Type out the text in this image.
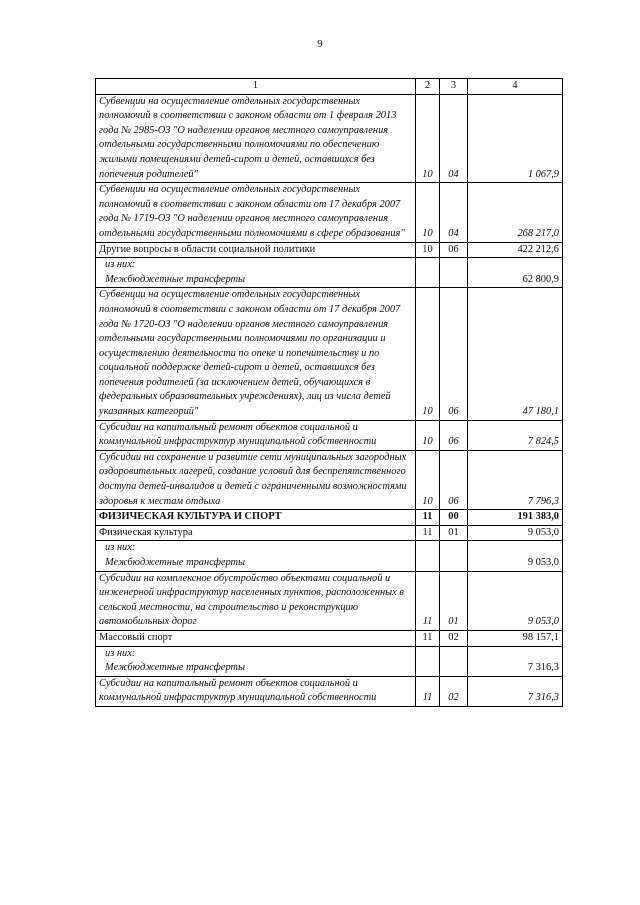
9
1	2	3	4

Субвенции на осуществление отдельных государственных полномочий в соответствии с законом области от 1 февраля 2013 года № 2985-ОЗ "О наделении органов местного самоуправления отдельными государственными полномочиями по обеспечению жилыми помещениями детей-сирот и детей, оставшихся без попечения родителей"	10	04	1 067,9

Субвенции на осуществление отдельных государственных полномочий в соответствии с законом области от 17 декабря 2007 года № 1719-ОЗ "О наделении органов местного самоуправления отдельными государственными полномочиями в сфере образования"	10	04	268 217,0

Другие вопросы в области социальной политики	10	06	422 212,6

из них:
Межбюджетные трансферты			62 800,9

Субвенции на осуществление отдельных государственных полномочий в соответствии с законом области от 17 декабря 2007 года № 1720-ОЗ "О наделении органов местного самоуправления отдельными государственными полномочиями по организации и осуществлению деятельности по опеке и попечительству и по социальной поддержке детей-сирот и детей, оставшихся без попечения родителей (за исключением детей, обучающихся в федеральных образовательных учреждениях), лиц из числа детей указанных категорий"	10	06	47 180,1

Субсидии на капитальный ремонт объектов социальной и коммунальной инфраструктур муниципальной собственности	10	06	7 824,5

Субсидии на сохранение и развитие сети муниципальных загородных оздоровительных лагерей, создание условий для беспрепятственного доступа детей-инвалидов и детей с ограниченными возможностями здоровья к местам отдыха	10	06	7 796,3

ФИЗИЧЕСКАЯ КУЛЬТУРА И СПОРТ	11	00	191 383,0

Физическая культура	11	01	9 053,0

из них:
Межбюджетные трансферты			9 053,0

Субсидии на комплексное обустройство объектами социальной и инженерной инфраструктур населенных пунктов, расположенных в сельской местности, на строительство и реконструкцию автомобильных дорог	11	01	9 053,0

Массовый спорт	11	02	98 157,1

из них:
Межбюджетные трансферты			7 316,3

Субсидии на капитальный ремонт объектов социальной и коммунальной инфраструктур муниципальной собственности	11	02	7 316,3
